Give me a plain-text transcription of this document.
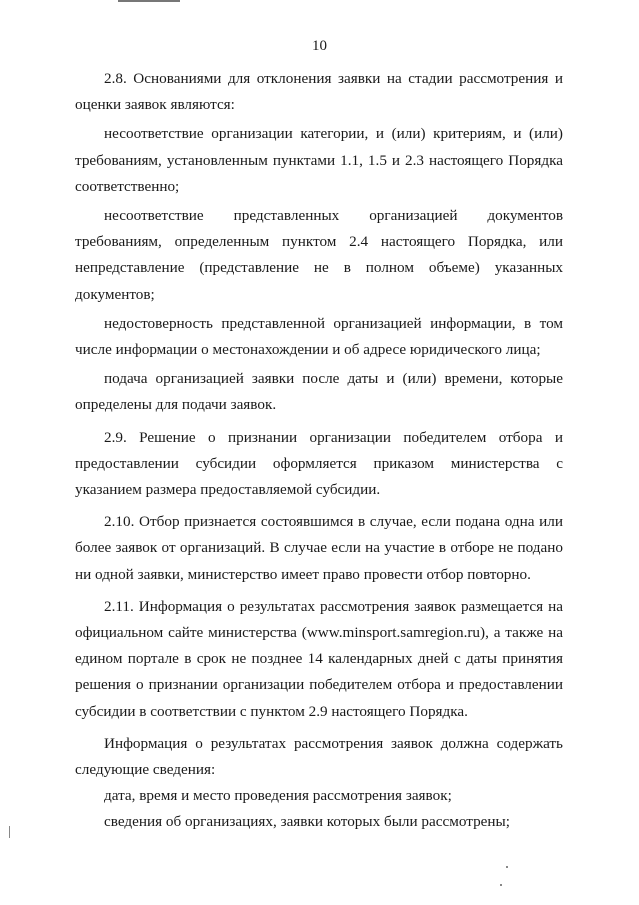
10

2.8. Основаниями для отклонения заявки на стадии рассмотрения и оценки заявок являются:

несоответствие организации категории, и (или) критериям, и (или) требованиям, установленным пунктами 1.1, 1.5 и 2.3 настоящего Порядка соответственно;

несоответствие представленных организацией документов требованиям, определенным пунктом 2.4 настоящего Порядка, или непредставление (представление не в полном объеме) указанных документов;

недостоверность представленной организацией информации, в том числе информации о местонахождении и об адресе юридического лица;

подача организацией заявки после даты и (или) времени, которые определены для подачи заявок.

2.9. Решение о признании организации победителем отбора и предоставлении субсидии оформляется приказом министерства с указанием размера предоставляемой субсидии.

2.10. Отбор признается состоявшимся в случае, если подана одна или более заявок от организаций. В случае если на участие в отборе не подано ни одной заявки, министерство имеет право провести отбор повторно.

2.11. Информация о результатах рассмотрения заявок размещается на официальном сайте министерства (www.minsport.samregion.ru), а также на едином портале в срок не позднее 14 календарных дней с даты принятия решения о признании организации победителем отбора и предоставлении субсидии в соответствии с пунктом 2.9 настоящего Порядка.

Информация о результатах рассмотрения заявок должна содержать следующие сведения:

дата, время и место проведения рассмотрения заявок;

сведения об организациях, заявки которых были рассмотрены;
